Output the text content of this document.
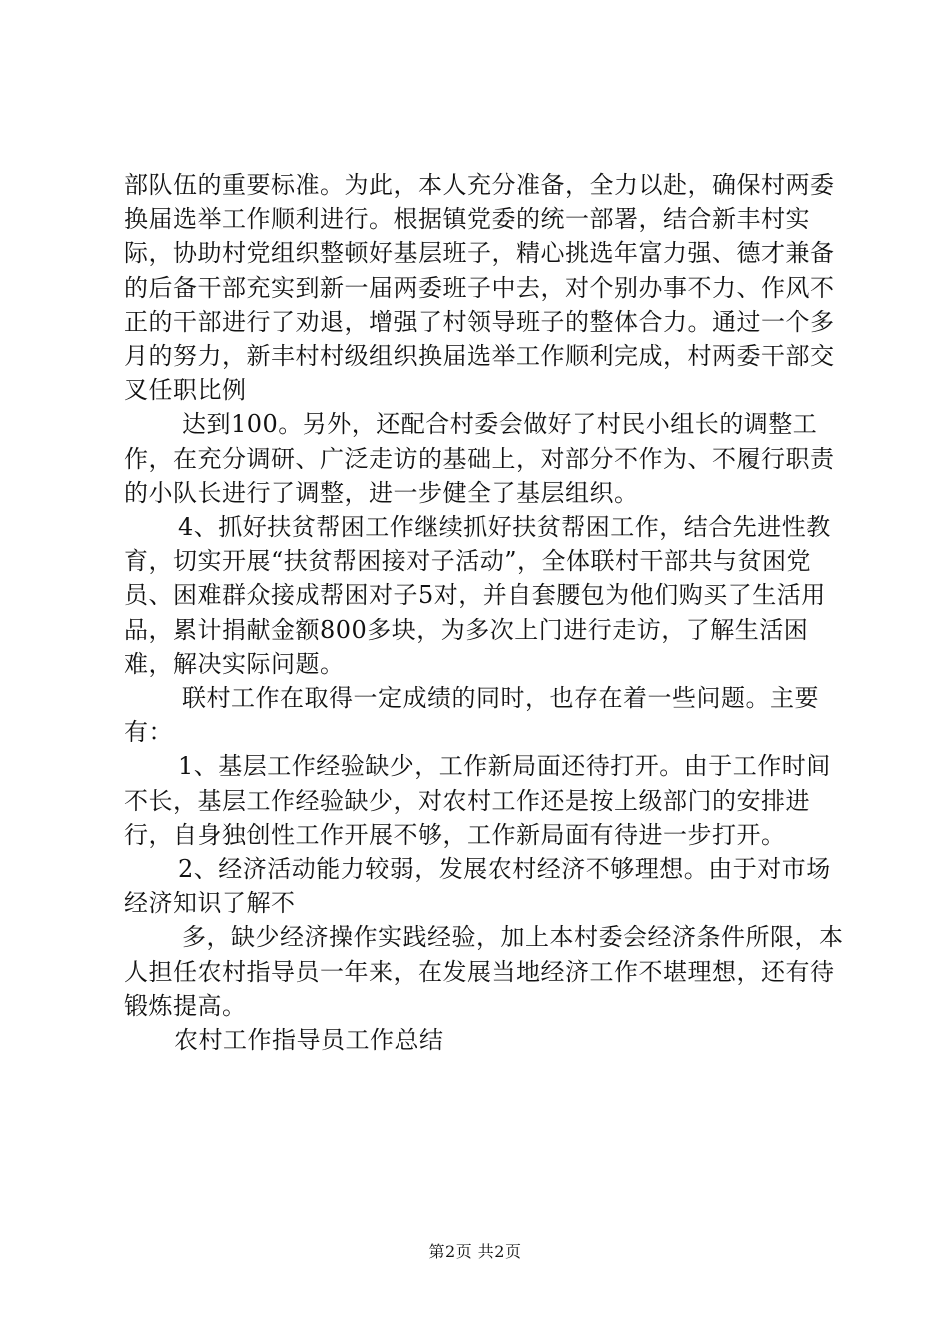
部队伍的重要标准。为此，本人充分准备，全力以赴，确保村两委换届选举工作顺利进行。根据镇党委的统一部署，结合新丰村实际，协助村党组织整顿好基层班子，精心挑选年富力强、德才兼备的后备干部充实到新一届两委班子中去，对个别办事不力、作风不正的干部进行了劝退，增强了村领导班子的整体合力。通过一个多月的努力，新丰村村级组织换届选举工作顺利完成，村两委干部交叉任职比例

达到100。另外，还配合村委会做好了村民小组长的调整工作，在充分调研、广泛走访的基础上，对部分不作为、不履行职责的小队长进行了调整，进一步健全了基层组织。

4、抓好扶贫帮困工作继续抓好扶贫帮困工作，结合先进性教育，切实开展“扶贫帮困接对子活动”，全体联村干部共与贫困党员、困难群众接成帮困对子5对，并自套腰包为他们购买了生活用品，累计捐献金额800多块，为多次上门进行走访，了解生活困难，解决实际问题。

联村工作在取得一定成绩的同时，也存在着一些问题。主要有：

1、基层工作经验缺少，工作新局面还待打开。由于工作时间不长，基层工作经验缺少，对农村工作还是按上级部门的安排进行，自身独创性工作开展不够，工作新局面有待进一步打开。

2、经济活动能力较弱，发展农村经济不够理想。由于对市场经济知识了解不

多，缺少经济操作实践经验，加上本村委会经济条件所限，本人担任农村指导员一年来，在发展当地经济工作不堪理想，还有待锻炼提高。

农村工作指导员工作总结

第2页 共2页
